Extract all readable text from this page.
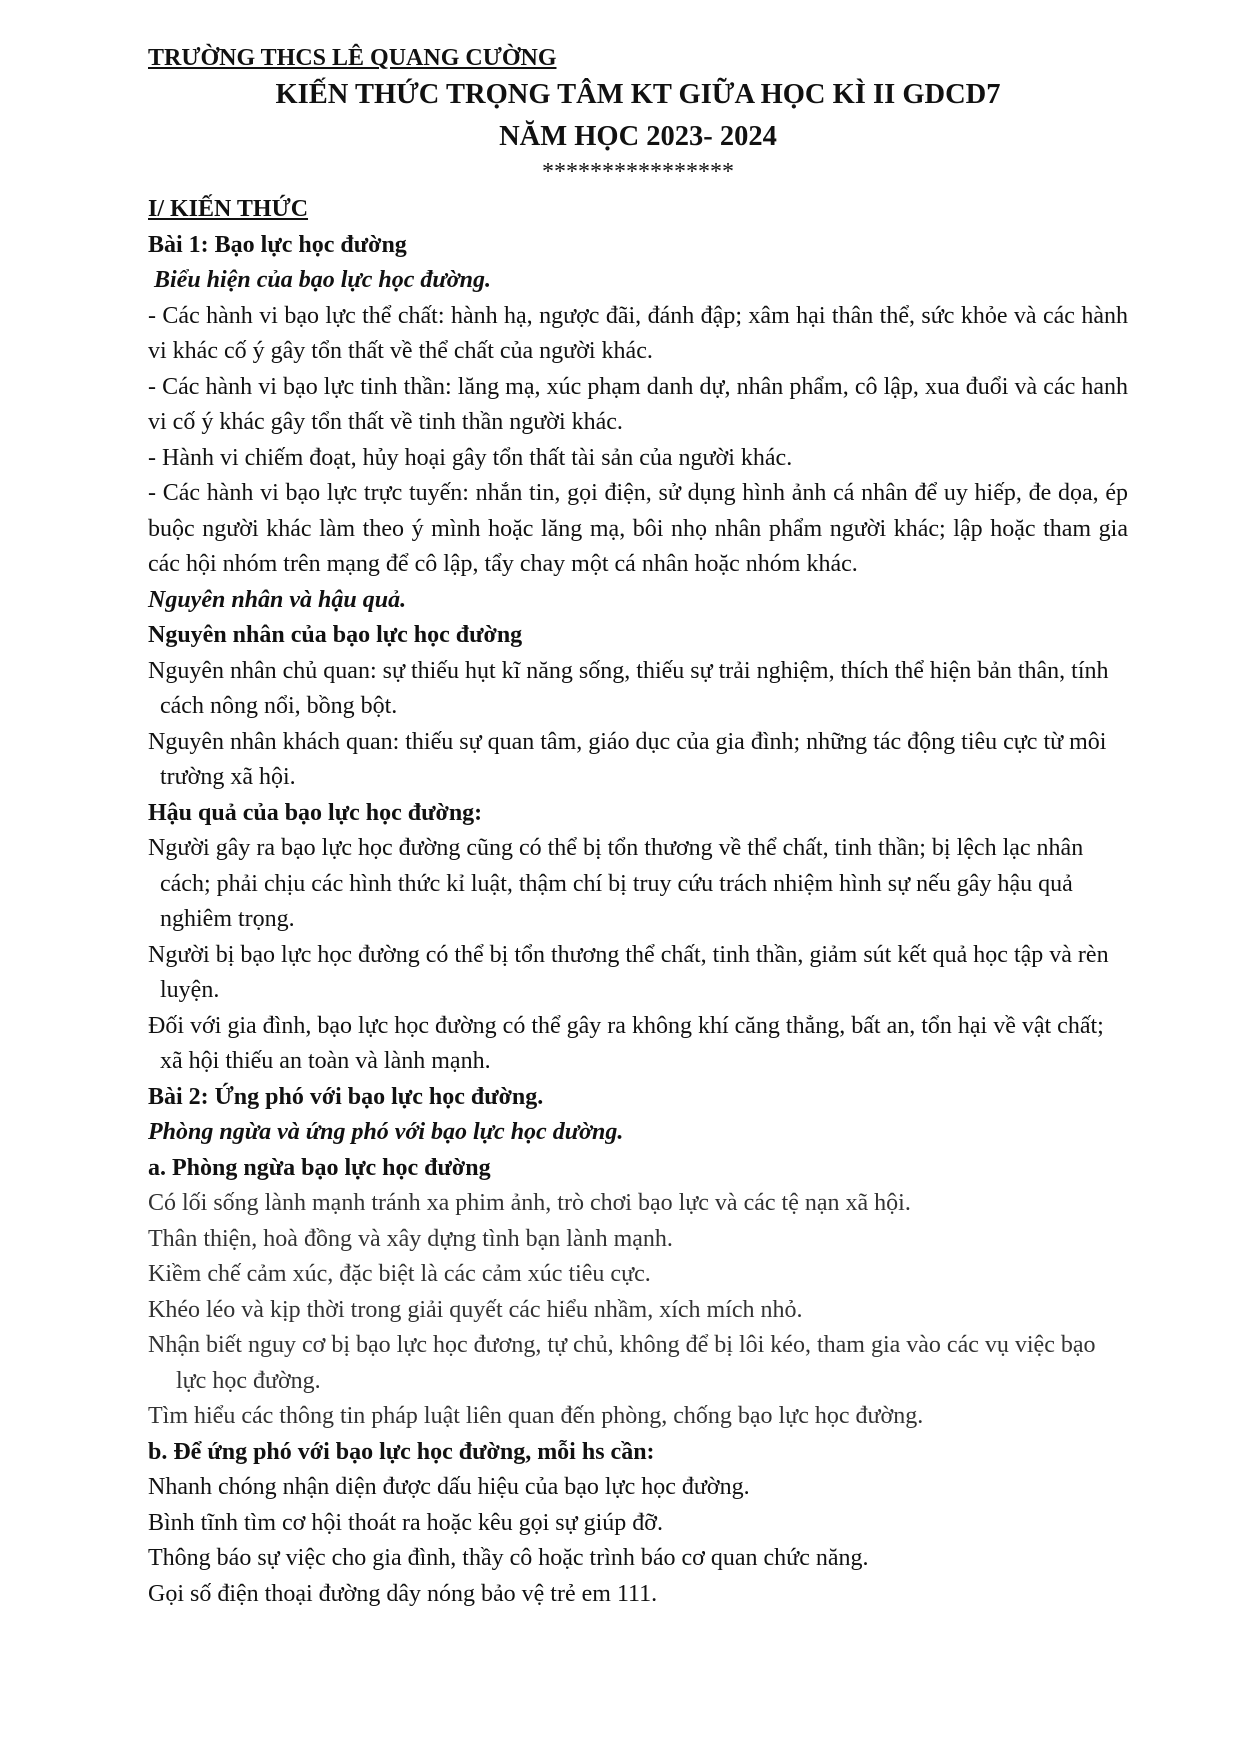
TRƯỜNG THCS LÊ QUANG CƯỜNG
KIẾN THỨC TRỌNG TÂM KT GIỮA HỌC KÌ II GDCD7
NĂM HỌC 2023- 2024
****************
I/ KIẾN THỨC
Bài 1: Bạo lực học đường
Biểu hiện của bạo lực học đường.
- Các hành vi bạo lực thể chất: hành hạ, ngược đãi, đánh đập; xâm hại thân thể, sức khỏe và các hành vi khác cố ý gây tổn thất về thể chất của người khác.
- Các hành vi bạo lực tinh thần: lăng mạ, xúc phạm danh dự, nhân phẩm, cô lập, xua đuổi và các hanh vi cố ý khác gây tổn thất về tinh thần người khác.
- Hành vi chiếm đoạt, hủy hoại gây tổn thất tài sản của người khác.
- Các hành vi bạo lực trực tuyến: nhắn tin, gọi điện, sử dụng hình ảnh cá nhân để uy hiếp, đe dọa, ép buộc người khác làm theo ý mình hoặc lăng mạ, bôi nhọ nhân phẩm người khác; lập hoặc tham gia các hội nhóm trên mạng để cô lập, tẩy chay một cá nhân hoặc nhóm khác.
Nguyên nhân và hậu quả.
Nguyên nhân của bạo lực học đường
Nguyên nhân chủ quan: sự thiếu hụt kĩ năng sống, thiếu sự trải nghiệm, thích thể hiện bản thân, tính cách nông nổi, bồng bột.
Nguyên nhân khách quan: thiếu sự quan tâm, giáo dục của gia đình; những tác động tiêu cực từ môi trường xã hội.
Hậu quả của bạo lực học đường:
Người gây ra bạo lực học đường cũng có thể bị tổn thương về thể chất, tinh thần; bị lệch lạc nhân cách; phải chịu các hình thức kỉ luật, thậm chí bị truy cứu trách nhiệm hình sự nếu gây hậu quả nghiêm trọng.
Người bị bạo lực học đường có thể bị tổn thương thể chất, tinh thần, giảm sút kết quả học tập và rèn luyện.
Đối với gia đình, bạo lực học đường có thể gây ra không khí căng thẳng, bất an, tổn hại về vật chất; xã hội thiếu an toàn và lành mạnh.
Bài 2: Ứng phó với bạo lực học đường.
Phòng ngừa và ứng phó với bạo lực học dường.
a. Phòng ngừa bạo lực học đường
Có lối sống lành mạnh tránh xa phim ảnh, trò chơi bạo lực và các tệ nạn xã hội.
Thân thiện, hoà đồng và xây dựng tình bạn lành mạnh.
Kiềm chế cảm xúc, đặc biệt là các cảm xúc tiêu cực.
Khéo léo và kịp thời trong giải quyết các hiểu nhầm, xích mích nhỏ.
Nhận biết nguy cơ bị bạo lực học đương, tự chủ, không để bị lôi kéo, tham gia vào các vụ việc bạo lực học đường.
Tìm hiểu các thông tin pháp luật liên quan đến phòng, chống bạo lực học đường.
b. Để ứng phó với bạo lực học đường, mỗi hs cần:
Nhanh chóng nhận diện được dấu hiệu của bạo lực học đường.
Bình tĩnh tìm cơ hội thoát ra hoặc kêu gọi sự giúp đỡ.
Thông báo sự việc cho gia đình, thầy cô hoặc trình báo cơ quan chức năng.
Gọi số điện thoại đường dây nóng bảo vệ trẻ em 111.
